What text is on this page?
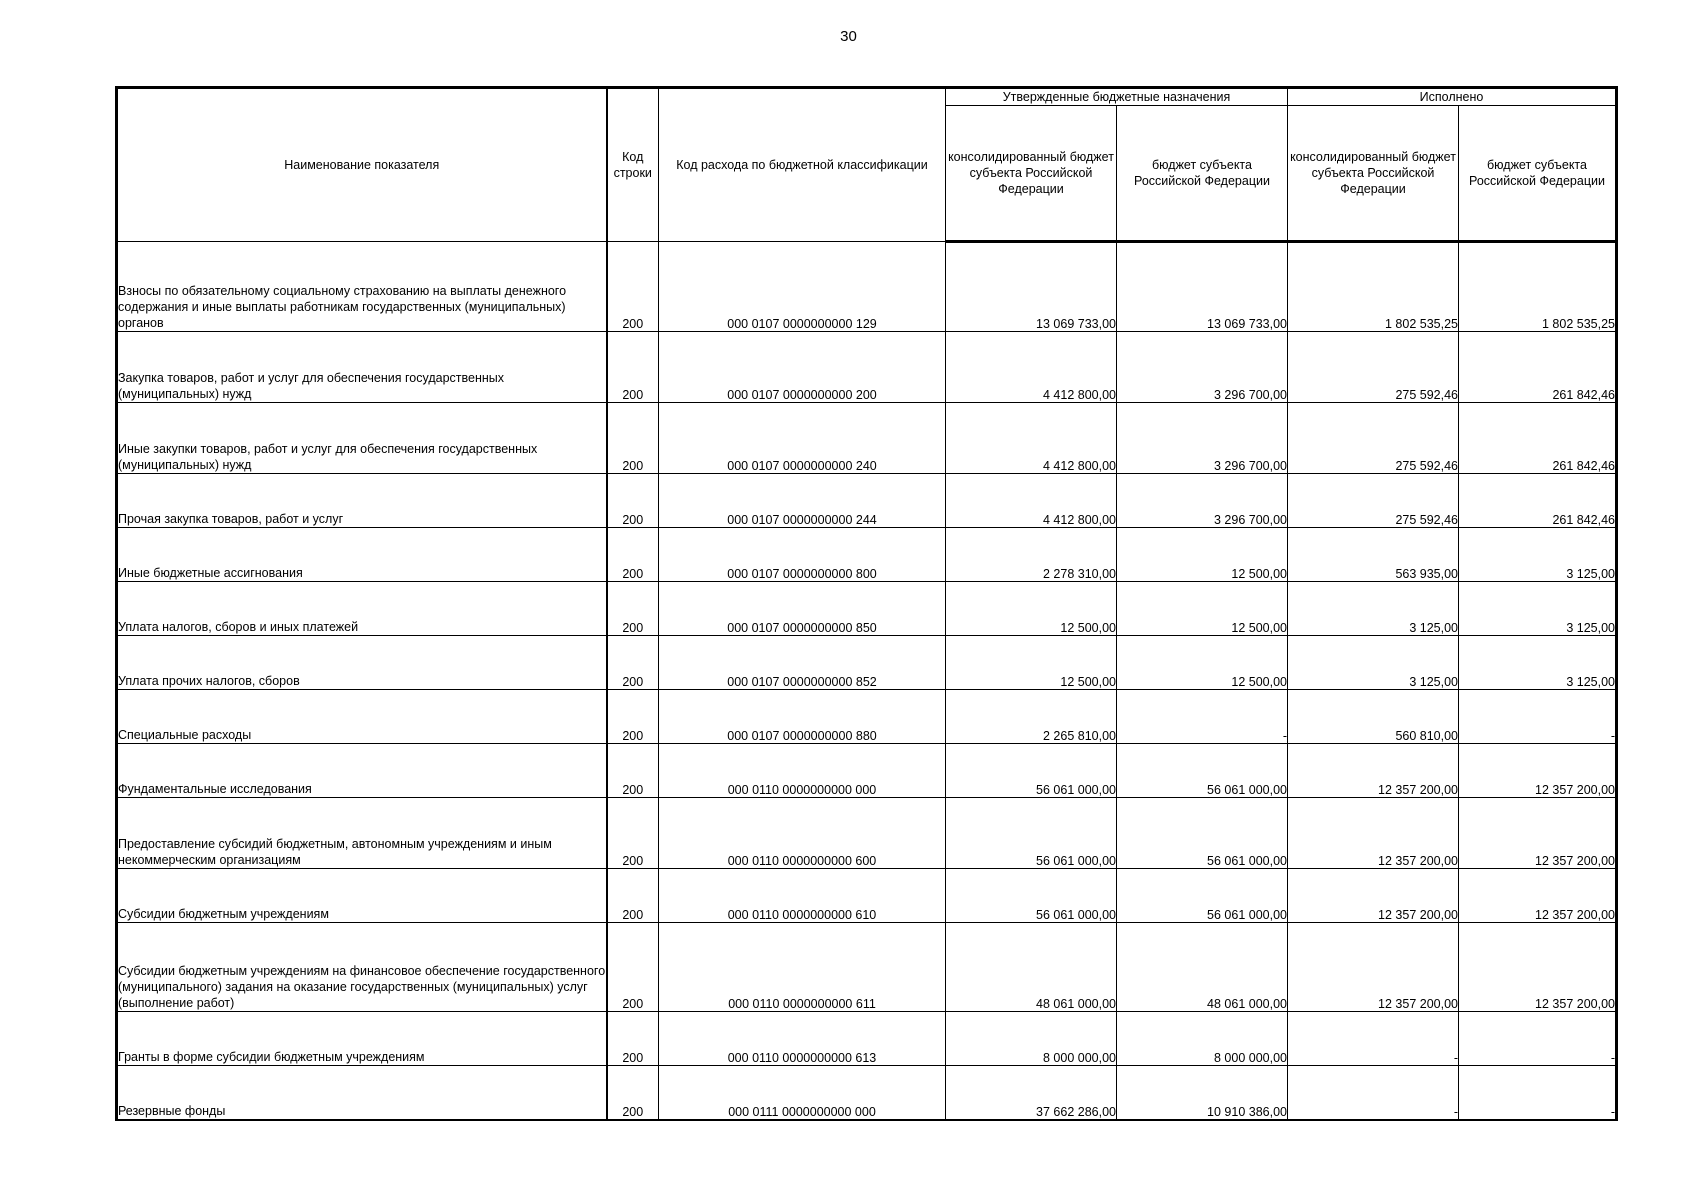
30
Наименование показателя	Код строки	Код расхода по бюджетной классификации	Утвержденные бюджетные назначения		Исполнено	
			консолидированный бюджет субъекта Российской Федерации	бюджет субъекта Российской Федерации	консолидированный бюджет субъекта Российской Федерации	бюджет субъекта Российской Федерации
Взносы по обязательному социальному страхованию на выплаты денежного содержания и иные выплаты работникам государственных (муниципальных) органов	200	000 0107 0000000000 129	13 069 733,00	13 069 733,00	1 802 535,25	1 802 535,25
Закупка товаров, работ и услуг для обеспечения государственных (муниципальных) нужд	200	000 0107 0000000000 200	4 412 800,00	3 296 700,00	275 592,46	261 842,46
Иные закупки товаров, работ и услуг для обеспечения государственных (муниципальных) нужд	200	000 0107 0000000000 240	4 412 800,00	3 296 700,00	275 592,46	261 842,46
Прочая закупка товаров, работ и услуг	200	000 0107 0000000000 244	4 412 800,00	3 296 700,00	275 592,46	261 842,46
Иные бюджетные ассигнования	200	000 0107 0000000000 800	2 278 310,00	12 500,00	563 935,00	3 125,00
Уплата налогов, сборов и иных платежей	200	000 0107 0000000000 850	12 500,00	12 500,00	3 125,00	3 125,00
Уплата прочих налогов, сборов	200	000 0107 0000000000 852	12 500,00	12 500,00	3 125,00	3 125,00
Специальные расходы	200	000 0107 0000000000 880	2 265 810,00	-	560 810,00	-
Фундаментальные исследования	200	000 0110 0000000000 000	56 061 000,00	56 061 000,00	12 357 200,00	12 357 200,00
Предоставление субсидий бюджетным, автономным учреждениям и иным некоммерческим организациям	200	000 0110 0000000000 600	56 061 000,00	56 061 000,00	12 357 200,00	12 357 200,00
Субсидии бюджетным учреждениям	200	000 0110 0000000000 610	56 061 000,00	56 061 000,00	12 357 200,00	12 357 200,00
Субсидии бюджетным учреждениям на финансовое обеспечение государственного (муниципального) задания на оказание государственных (муниципальных) услуг (выполнение работ)	200	000 0110 0000000000 611	48 061 000,00	48 061 000,00	12 357 200,00	12 357 200,00
Гранты в форме субсидии бюджетным учреждениям	200	000 0110 0000000000 613	8 000 000,00	8 000 000,00	-	-
Резервные фонды	200	000 0111 0000000000 000	37 662 286,00	10 910 386,00	-	-
